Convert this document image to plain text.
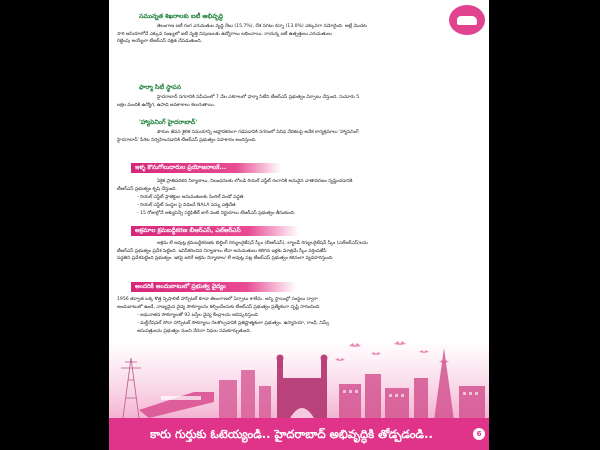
సమున్నత శిఖరాలకు ఐటీ అభివృద్ధి
తెలంగాణ ఐటీ రంగ ఎగుమతుల వృద్ధి రేటు (15.7%), దేశ సగటు కన్నా (13.0%) ఎక్కువగా నమోదైంది. అట్లే మొదట
సారి ఆసియాలోనే ఎక్కువ సంఖ్యలో ఐటీ వృత్తి నిపుణులకు ఉద్యోగాలు లభించాయి. రాయన్న ఐటీ ఉత్పత్తులు ఎగుమతులు
రెట్టింపు అయ్యేలా టీఆర్ఎస్ దక్షత చేపడుతుంది.
ఫార్మా సిటీ స్థాపన
హైదరాబాద్ నగరానికి సమీపంలో 7 వేల ఎకరాలలో ఫార్మా సిటీని టీఆర్ఎస్ ప్రభుత్వం ఏర్పాటు చేస్తుంది. సుమారు 5
లక్షల మందికి ఉద్యోగ, ఉపాధి అవకాశాలు కలుగుతాయి.
'హ్యాపెనింగ్ హైదరాబాద్'
పౌరుల జీవన శైలిక సమయాన్ని ఆహ్లాదకరంగా గడపడానికి నగరంలో వివిధ వేదికలపై అనేక కార్యక్రమాలు 'హ్యాపెనింగ్
హైదరాబాద్' పేరిట నిర్వహించడానికి టీఆర్ఎస్ ప్రభుత్వం సహకారం అందిస్తుంది.
ఇళ్ళ కొనుగోలుదారుల ప్రయోజనాలకే...
ఏకైక ప్రాతిపదికన నిర్మాణాలు, నిబంధనలకు లోబడి రియల్ ఎస్టేట్ రంగానికి అనువైన వాతావరణం సృష్టించడానికి
టీఆర్ఎస్ ప్రభుత్వం కృషి చేస్తుంది.
- రియల్ ఎస్టేట్ ప్రాజెక్టుల అనుమతులకు సింగిల్ విండో పద్ధతి
- రియల్ ఎస్టేట్ సంస్థల పై విధించే NALA పన్ను ఎత్తివేత
- 15 రోజుల్లోనే అక్యుపెన్సీ సర్టిఫికేట్ జారీ వంటి నిర్ణయాలు టీఆర్ఎస్ ప్రభుత్వం తీసుకుంది.
అక్రమాల క్రమబద్ధీకరణ బీఆర్ఎస్, ఎల్ఆర్ఎస్
అక్రమ లే అవుట్ల క్రమబద్ధీకరణకు బిల్డింగ్ రెగ్యులరైజేషన్ స్కీం (బీఆర్ఎస్), ల్యాండ్ రెగ్యులరైజేషన్ స్కీం (ఎల్ఆర్ఎస్)లను
టీఆర్ఎస్ ప్రభుత్వం ప్రవేశ పెట్టింది. ఇవిసీకరించిన నిర్మాణాలు లేదా అనుమతులు కలిగిన ఇళ్లకు మాత్రమే స్కీం వర్తింపజేసే
పద్ధతిని ప్రవేశపెట్టింది ప్రభుత్వం. ఇకపై జరిగే అక్రమ నిర్మాణాల/ లే అవుట్ల పట్ల టీఆర్ఎస్ ప్రభుత్వం కఠినంగా వ్యవహరిస్తుంది.
అందరికీ అందుబాటులో ప్రభుత్వ వైద్యం
1956 తర్వాత ఒక్క కొత్త స్పెషాలిటీ హాస్పిటల్ కూడా తెలంగాణలో ఏర్పాటు కాలేదు. అన్ని స్థాయిల్లో సంస్థలు ద్వారా
అందుబాటులో ఉండే, నాణ్యమైన వైద్య సౌకర్యాలను కల్పించేందుకు టీఆర్ఎస్ ప్రభుత్వం ప్రత్యేకంగా దృష్టి సారించింది.
- అధునాతన సౌకర్యాలతో 92 బస్తీల వైద్య కేంద్రాలను ఆవిష్కరిస్తుంది
- మల్టీనేషనల్ సోదా హాస్పిటల్ సౌకర్యాలు నెలకొల్పడానికి ప్రతిష్టాత్మకంగా ప్రభుత్వం. ఉస్మానియా, గాంధీ, నిమ్స్
ఆసుపత్రులను ప్రభుత్వం నుంచి నేరుగా నిధుల సమకూర్చుతుంది.
కారు గుర్తుకు ఓటెయ్యండి.. హైదరాబాద్ అభివృద్ధికి తోడ్పడండి..	6
